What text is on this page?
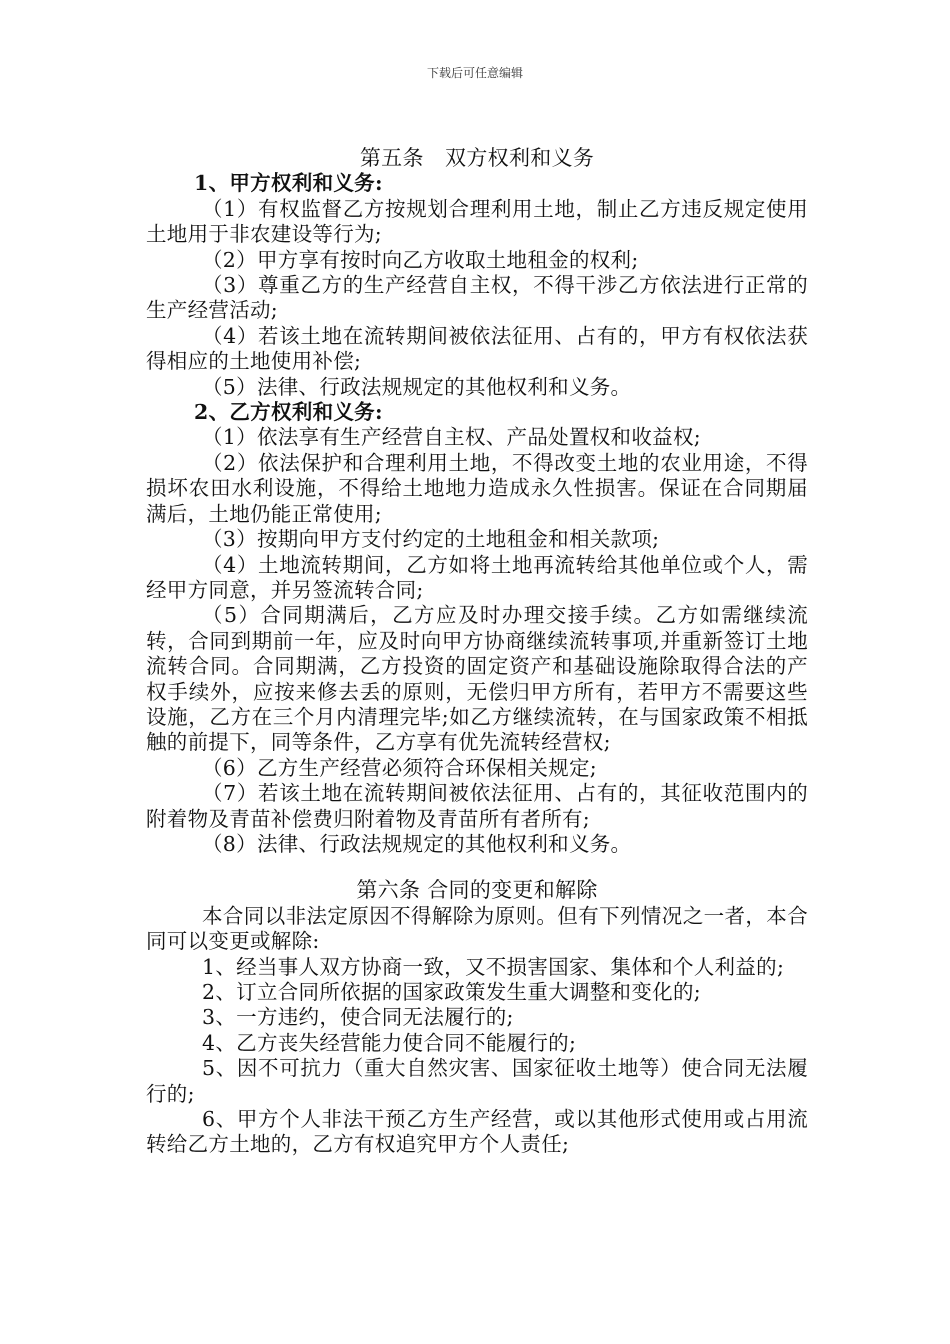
下载后可任意编辑

第五条　双方权利和义务

1、甲方权利和义务:

（1）有权监督乙方按规划合理利用土地，制止乙方违反规定使用土地用于非农建设等行为;

（2）甲方享有按时向乙方收取土地租金的权利;

（3）尊重乙方的生产经营自主权，不得干涉乙方依法进行正常的生产经营活动;

（4）若该土地在流转期间被依法征用、占有的，甲方有权依法获得相应的土地使用补偿;

（5）法律、行政法规规定的其他权利和义务。

2、乙方权利和义务:

（1）依法享有生产经营自主权、产品处置权和收益权;

（2）依法保护和合理利用土地，不得改变土地的农业用途，不得损坏农田水利设施，不得给土地地力造成永久性损害。保证在合同期届满后，土地仍能正常使用;

（3）按期向甲方支付约定的土地租金和相关款项;

（4）土地流转期间，乙方如将土地再流转给其他单位或个人，需经甲方同意，并另签流转合同;

（5）合同期满后，乙方应及时办理交接手续。乙方如需继续流转，合同到期前一年，应及时向甲方协商继续流转事项,并重新签订土地流转合同。合同期满，乙方投资的固定资产和基础设施除取得合法的产权手续外，应按来修去丢的原则，无偿归甲方所有，若甲方不需要这些设施，乙方在三个月内清理完毕;如乙方继续流转，在与国家政策不相抵触的前提下，同等条件，乙方享有优先流转经营权;

（6）乙方生产经营必须符合环保相关规定;

（7）若该土地在流转期间被依法征用、占有的，其征收范围内的附着物及青苗补偿费归附着物及青苗所有者所有;

（8）法律、行政法规规定的其他权利和义务。

第六条 合同的变更和解除

本合同以非法定原因不得解除为原则。但有下列情况之一者，本合同可以变更或解除:

1、经当事人双方协商一致，又不损害国家、集体和个人利益的;

2、订立合同所依据的国家政策发生重大调整和变化的;

3、一方违约，使合同无法履行的;

4、乙方丧失经营能力使合同不能履行的;

5、因不可抗力（重大自然灾害、国家征收土地等）使合同无法履行的;

6、甲方个人非法干预乙方生产经营，或以其他形式使用或占用流转给乙方土地的，乙方有权追究甲方个人责任;
